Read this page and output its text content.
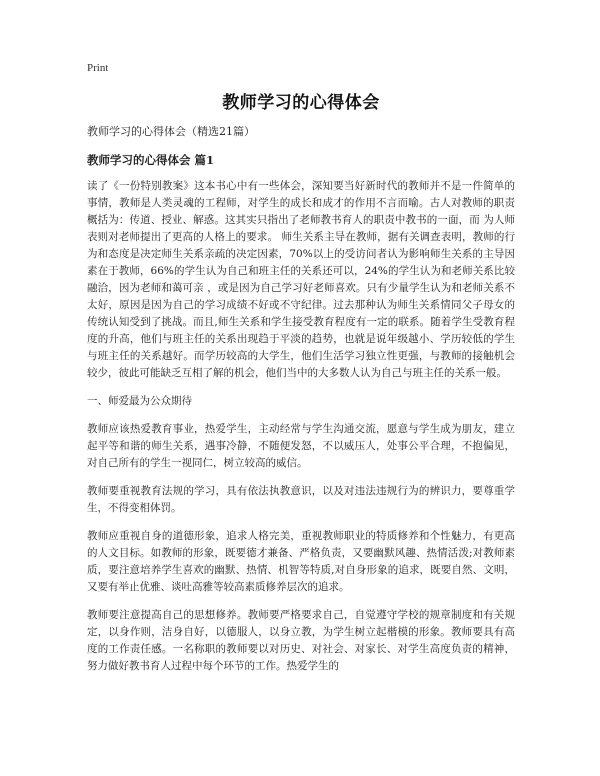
Print
教师学习的心得体会
教师学习的心得体会（精选21篇）
教师学习的心得体会 篇1

读了《一份特别教案》这本书心中有一些体会，深知要当好新时代的教师并不是一件简单的事情，教师是人类灵魂的工程师，对学生的成长和成才的作用不言而喻。古人对教师的职责概括为：传道、授业、解惑。这其实只指出了老师教书育人的职责中教书的一面，而 为人师表则对老师提出了更高的人格上的要求。 师生关系主导在教师，据有关调查表明，教师的行为和态度是决定师生关系亲疏的决定因素，70%以上的受访问者认为影响师生关系的主导因素在于教师，66%的学生认为自己和班主任的关系还可以，24%的学生认为和老师关系比较融洽，因为老师和蔼可亲 ，或是因为自己学习好老师喜欢。只有少量学生认为和老师关系不太好，原因是因为自己的学习成绩不好或不守纪律。过去那种认为师生关系情同父子母女的传统认知受到了挑战。而且,师生关系和学生接受教育程度有一定的联系。随着学生受教育程度的升高，他们与班主任的关系出现趋于平淡的趋势，也就是说年级越小、学历较低的学生与班主任的关系越好。而学历较高的大学生，他们生活学习独立性更强，与教师的接触机会较少，彼此可能缺乏互相了解的机会，他们当中的大多数人认为自己与班主任的关系一般。

一、师爱最为公众期待

教师应该热爱教育事业，热爱学生，主动经常与学生沟通交流，愿意与学生成为朋友，建立起平等和谐的师生关系，遇事冷静，不随便发怒，不以威压人，处事公平合理，不抱偏见，对自己所有的学生一视同仁，树立较高的威信。

教师要重视教育法规的学习，具有依法执教意识，以及对违法违规行为的辨识力，要尊重学生，不得变相体罚。

教师应重视自身的道德形象，追求人格完美，重视教师职业的特质修养和个性魅力，有更高的人文目标。如教师的形象，既要德才兼备、严格负责，又要幽默风趣、热情活泼;对教师素质，要注意培养学生喜欢的幽默、热情、机智等特质,对自身形象的追求，既要自然、文明，又要有举止优雅、谈吐高雅等较高素质修养层次的追求。

教师要注意提高自己的思想修养。教师要严格要求自己，自觉遵守学校的规章制度和有关规定，以身作则，洁身自好，以德服人，以身立教，为学生树立起楷模的形象。教师要具有高度的工作责任感。一名称职的教师要以对历史、对社会、对家长、对学生高度负责的精神，努力做好教书育人过程中每个环节的工作。热爱学生的
